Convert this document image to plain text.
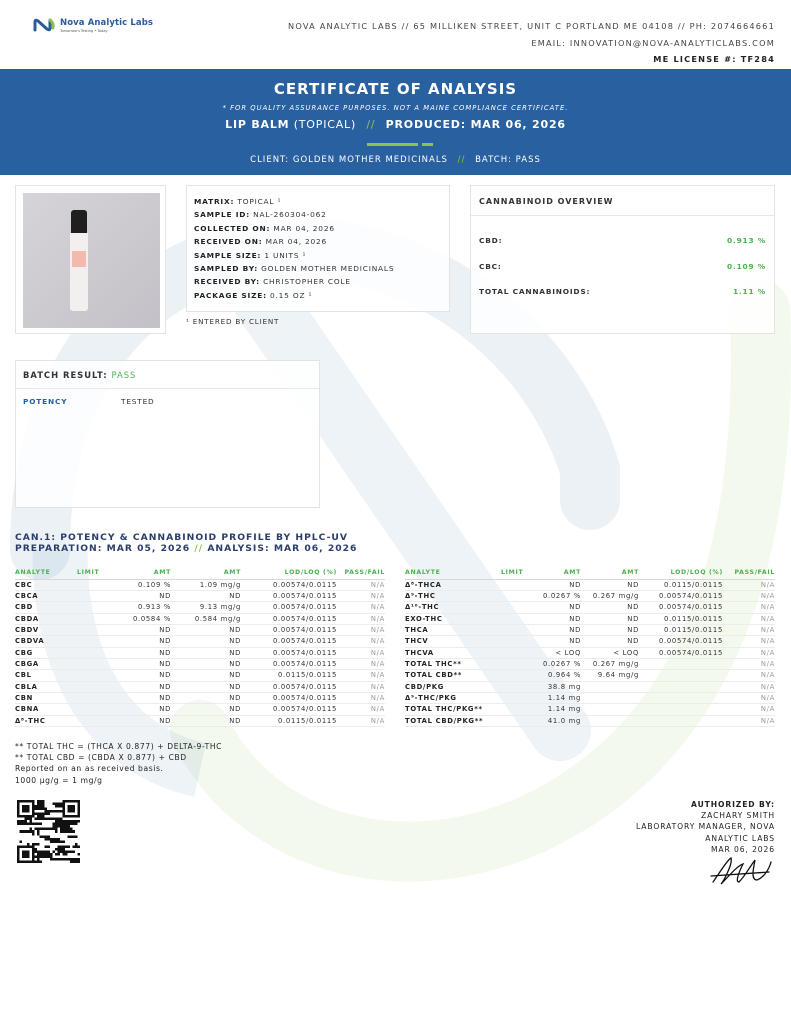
Nova Analytic Labs
Tomorrow's Testing • Today	NOVA ANALYTIC LABS // 65 MILLIKEN STREET, UNIT C PORTLAND ME 04108 // PH: 2074664661
EMAIL: INNOVATION@NOVA-ANALYTICLABS.COM
ME LICENSE #: TF284
CERTIFICATE OF ANALYSIS
* FOR QUALITY ASSURANCE PURPOSES. NOT A MAINE COMPLIANCE CERTIFICATE.
LIP BALM (TOPICAL) // PRODUCED: MAR 06, 2026
CLIENT: GOLDEN MOTHER MEDICINALS // BATCH: PASS
MATRIX: TOPICAL ¹
SAMPLE ID: NAL-260304-062
COLLECTED ON: MAR 04, 2026
RECEIVED ON: MAR 04, 2026
SAMPLE SIZE: 1 UNITS ¹
SAMPLED BY: GOLDEN MOTHER MEDICINALS
RECEIVED BY: CHRISTOPHER COLE
PACKAGE SIZE: 0.15 OZ ¹
¹ ENTERED BY CLIENT
CANNABINOID OVERVIEW
CBD:	0.913 %
CBC:	0.109 %
TOTAL CANNABINOIDS:	1.11 %
BATCH RESULT: PASS
POTENCY	TESTED
CAN.1: POTENCY & CANNABINOID PROFILE BY HPLC-UV
PREPARATION: MAR 05, 2026 // ANALYSIS: MAR 06, 2026
ANALYTE	LIMIT	AMT	AMT	LOD/LOQ (%)	PASS/FAIL
CBC		0.109 %	1.09 mg/g	0.00574/0.0115	N/A
CBCA		ND	ND	0.00574/0.0115	N/A
CBD		0.913 %	9.13 mg/g	0.00574/0.0115	N/A
CBDA		0.0584 %	0.584 mg/g	0.00574/0.0115	N/A
CBDV		ND	ND	0.00574/0.0115	N/A
CBDVA		ND	ND	0.00574/0.0115	N/A
CBG		ND	ND	0.00574/0.0115	N/A
CBGA		ND	ND	0.00574/0.0115	N/A
CBL		ND	ND	0.0115/0.0115	N/A
CBLA		ND	ND	0.00574/0.0115	N/A
CBN		ND	ND	0.00574/0.0115	N/A
CBNA		ND	ND	0.00574/0.0115	N/A
Δ⁸-THC		ND	ND	0.0115/0.0115	N/A
ANALYTE	LIMIT	AMT	AMT	LOD/LOQ (%)	PASS/FAIL
Δ⁸-THCA		ND	ND	0.0115/0.0115	N/A
Δ⁹-THC		0.0267 %	0.267 mg/g	0.00574/0.0115	N/A
Δ¹⁰-THC		ND	ND	0.00574/0.0115	N/A
EXO-THC		ND	ND	0.0115/0.0115	N/A
THCA		ND	ND	0.0115/0.0115	N/A
THCV		ND	ND	0.00574/0.0115	N/A
THCVA		< LOQ	< LOQ	0.00574/0.0115	N/A
TOTAL THC**		0.0267 %	0.267 mg/g		N/A
TOTAL CBD**		0.964 %	9.64 mg/g		N/A
CBD/PKG		38.8 mg			N/A
Δ⁹-THC/PKG		1.14 mg			N/A
TOTAL THC/PKG**		1.14 mg			N/A
TOTAL CBD/PKG**		41.0 mg			N/A
** TOTAL THC = (THCA X 0.877) + DELTA-9-THC
** TOTAL CBD = (CBDA X 0.877) + CBD
Reported on an as received basis.
1000 µg/g = 1 mg/g
AUTHORIZED BY:
ZACHARY SMITH
LABORATORY MANAGER, NOVA
ANALYTIC LABS
MAR 06, 2026
